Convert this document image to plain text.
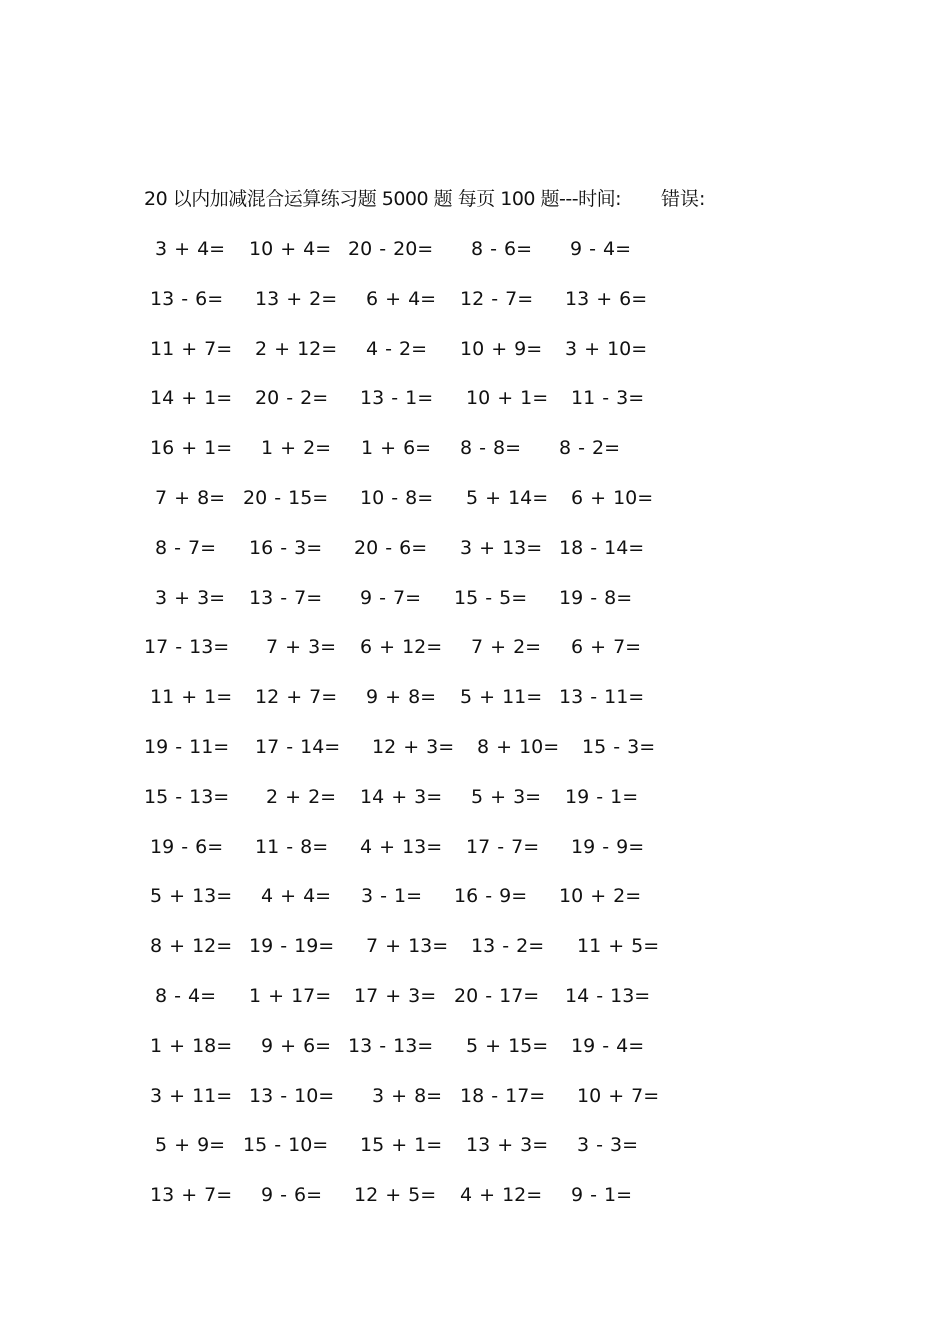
20 以内加减混合运算练习题 5000 题 每页 100 题---时间: 错误:
3 + 4= 10 + 4= 20 - 20= 8 - 6= 9 - 4=
13 - 6= 13 + 2= 6 + 4= 12 - 7= 13 + 6=
11 + 7= 2 + 12= 4 - 2= 10 + 9= 3 + 10=
14 + 1= 20 - 2= 13 - 1= 10 + 1= 11 - 3=
16 + 1= 1 + 2= 1 + 6= 8 - 8= 8 - 2=
7 + 8= 20 - 15= 10 - 8= 5 + 14= 6 + 10=
8 - 7= 16 - 3= 20 - 6= 3 + 13= 18 - 14=
3 + 3= 13 - 7= 9 - 7= 15 - 5= 19 - 8=
17 - 13= 7 + 3= 6 + 12= 7 + 2= 6 + 7=
11 + 1= 12 + 7= 9 + 8= 5 + 11= 13 - 11=
19 - 11= 17 - 14= 12 + 3= 8 + 10= 15 - 3=
15 - 13= 2 + 2= 14 + 3= 5 + 3= 19 - 1=
19 - 6= 11 - 8= 4 + 13= 17 - 7= 19 - 9=
5 + 13= 4 + 4= 3 - 1= 16 - 9= 10 + 2=
8 + 12= 19 - 19= 7 + 13= 13 - 2= 11 + 5=
8 - 4= 1 + 17= 17 + 3= 20 - 17= 14 - 13=
1 + 18= 9 + 6= 13 - 13= 5 + 15= 19 - 4=
3 + 11= 13 - 10= 3 + 8= 18 - 17= 10 + 7=
5 + 9= 15 - 10= 15 + 1= 13 + 3= 3 - 3=
13 + 7= 9 - 6= 12 + 5= 4 + 12= 9 - 1=
